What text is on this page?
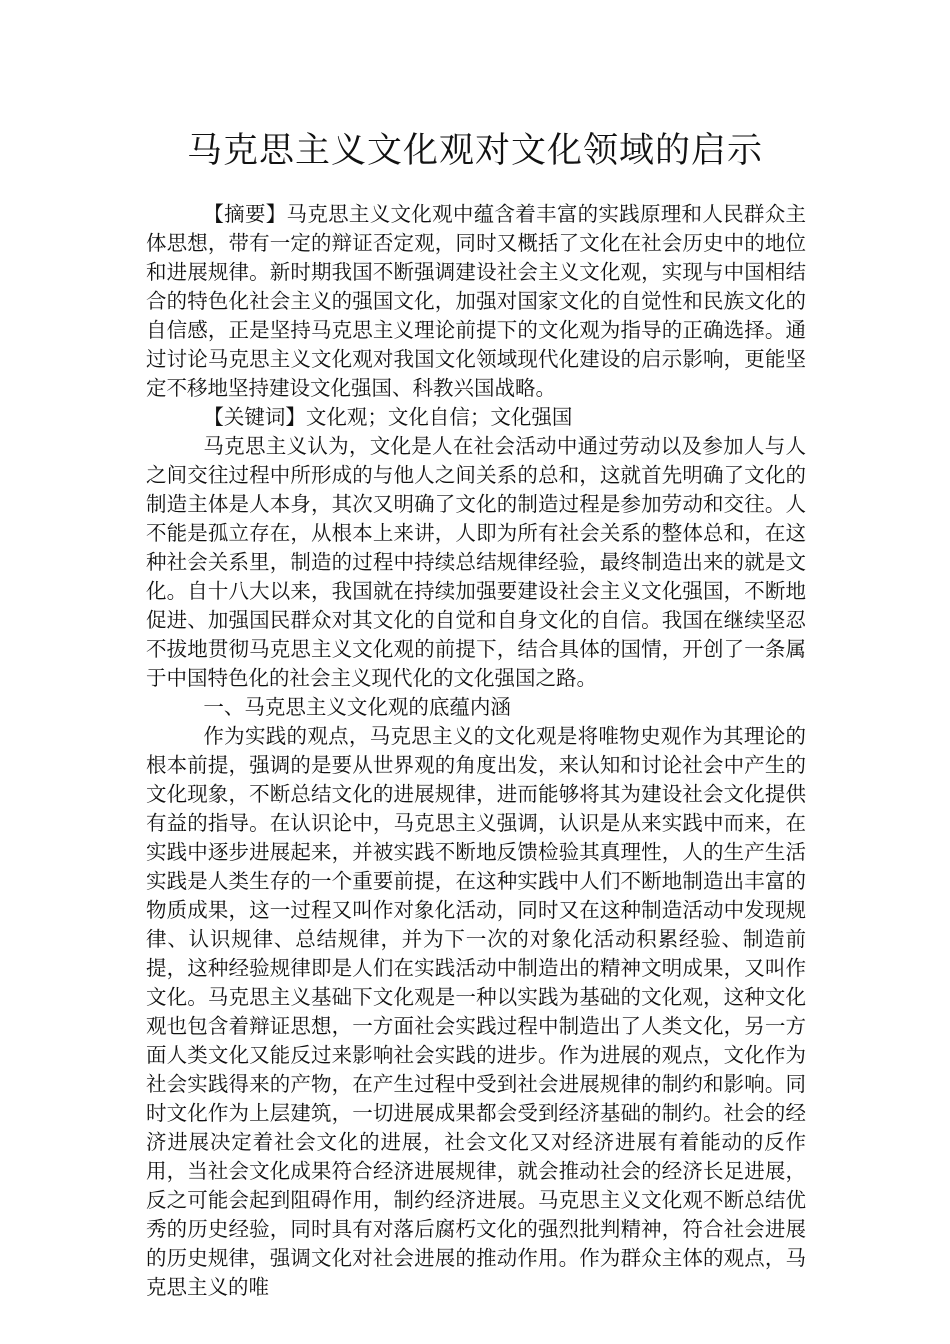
马克思主义文化观对文化领域的启示

【摘要】马克思主义文化观中蕴含着丰富的实践原理和人民群众主体思想，带有一定的辩证否定观，同时又概括了文化在社会历史中的地位和进展规律。新时期我国不断强调建设社会主义文化观，实现与中国相结合的特色化社会主义的强国文化，加强对国家文化的自觉性和民族文化的自信感，正是坚持马克思主义理论前提下的文化观为指导的正确选择。通过讨论马克思主义文化观对我国文化领域现代化建设的启示影响，更能坚定不移地坚持建设文化强国、科教兴国战略。

【关键词】文化观；文化自信；文化强国

马克思主义认为，文化是人在社会活动中通过劳动以及参加人与人之间交往过程中所形成的与他人之间关系的总和，这就首先明确了文化的制造主体是人本身，其次又明确了文化的制造过程是参加劳动和交往。人不能是孤立存在，从根本上来讲，人即为所有社会关系的整体总和，在这种社会关系里，制造的过程中持续总结规律经验，最终制造出来的就是文化。自十八大以来，我国就在持续加强要建设社会主义文化强国，不断地促进、加强国民群众对其文化的自觉和自身文化的自信。我国在继续坚忍不拔地贯彻马克思主义文化观的前提下，结合具体的国情，开创了一条属于中国特色化的社会主义现代化的文化强国之路。

一、马克思主义文化观的底蕴内涵

作为实践的观点，马克思主义的文化观是将唯物史观作为其理论的根本前提，强调的是要从世界观的角度出发，来认知和讨论社会中产生的文化现象，不断总结文化的进展规律，进而能够将其为建设社会文化提供有益的指导。在认识论中，马克思主义强调，认识是从来实践中而来，在实践中逐步进展起来，并被实践不断地反馈检验其真理性，人的生产生活实践是人类生存的一个重要前提，在这种实践中人们不断地制造出丰富的物质成果，这一过程又叫作对象化活动，同时又在这种制造活动中发现规律、认识规律、总结规律，并为下一次的对象化活动积累经验、制造前提，这种经验规律即是人们在实践活动中制造出的精神文明成果，又叫作文化。马克思主义基础下文化观是一种以实践为基础的文化观，这种文化观也包含着辩证思想，一方面社会实践过程中制造出了人类文化，另一方面人类文化又能反过来影响社会实践的进步。作为进展的观点，文化作为社会实践得来的产物，在产生过程中受到社会进展规律的制约和影响。同时文化作为上层建筑，一切进展成果都会受到经济基础的制约。社会的经济进展决定着社会文化的进展，社会文化又对经济进展有着能动的反作用，当社会文化成果符合经济进展规律，就会推动社会的经济长足进展，反之可能会起到阻碍作用，制约经济进展。马克思主义文化观不断总结优秀的历史经验，同时具有对落后腐朽文化的强烈批判精神，符合社会进展的历史规律，强调文化对社会进展的推动作用。作为群众主体的观点，马克思主义的唯
